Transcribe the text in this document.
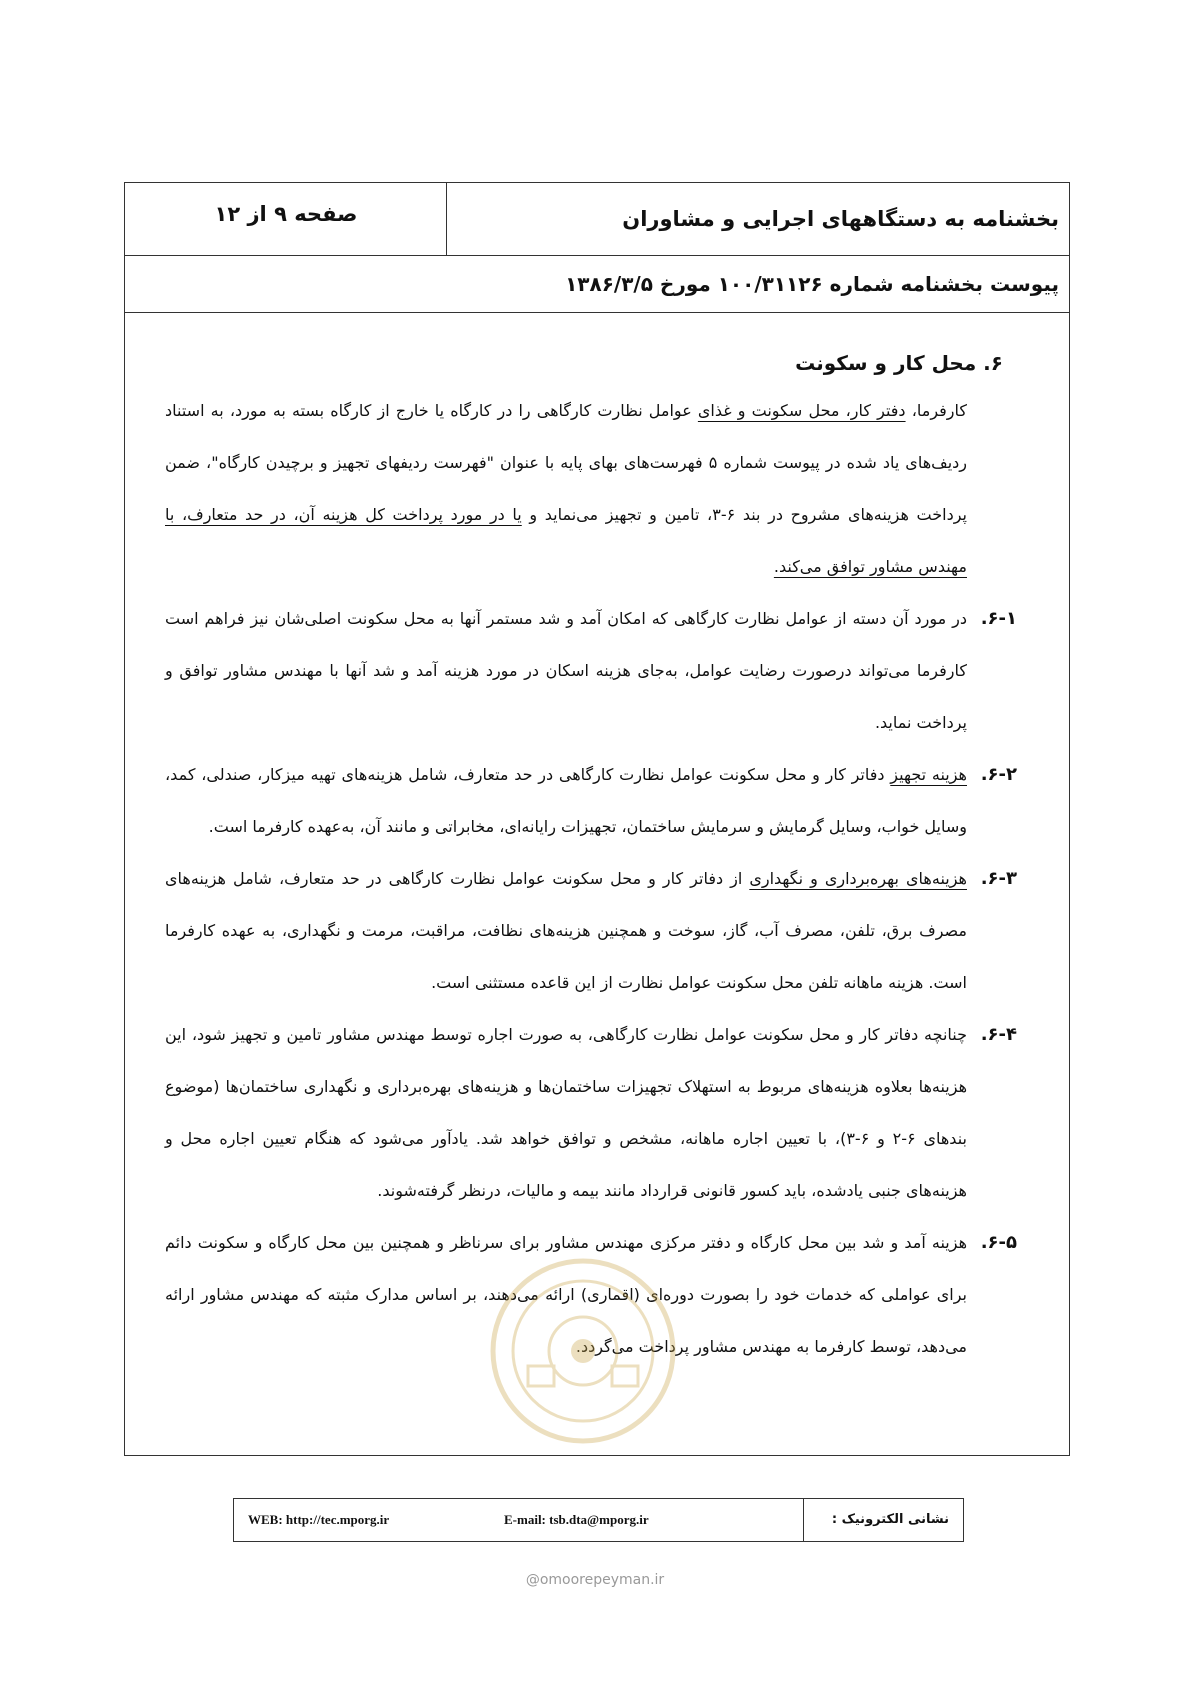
بخشنامه به دستگاههای اجرایی و مشاوران
صفحه ۹ از ۱۲
پیوست بخشنامه شماره ۱۰۰/۳۱۱۲۶ مورخ ۱۳۸۶/۳/۵
۶. محل کار و سکونت

کارفرما، دفتر کار، محل سکونت و غذای عوامل نظارت کارگاهی را در کارگاه یا خارج از کارگاه بسته به مورد، به استناد ردیف‌های یاد شده در پیوست شماره ۵ فهرست‌های بهای پایه با عنوان "فهرست ردیفهای تجهیز و برچیدن کارگاه"، ضمن پرداخت هزینه‌های مشروح در بند ۶-۳، تامین و تجهیز می‌نماید و یا در مورد پرداخت کل هزینه آن، در حد متعارف، با مهندس مشاور توافق می‌کند.

۶-۱.
در مورد آن دسته از عوامل نظارت کارگاهی که امکان آمد و شد مستمر آنها به محل سکونت اصلی‌شان نیز فراهم است کارفرما می‌تواند درصورت رضایت عوامل، به‌جای هزینه اسکان در مورد هزینه آمد و شد آنها با مهندس مشاور توافق و پرداخت نماید.

۶-۲.
هزینه تجهیز دفاتر کار و محل سکونت عوامل نظارت کارگاهی در حد متعارف، شامل هزینه‌های تهیه میزکار، صندلی، کمد، وسایل خواب، وسایل گرمایش و سرمایش ساختمان، تجهیزات رایانه‌ای، مخابراتی و مانند آن، به‌عهده کارفرما است.

۶-۳.
هزینه‌های بهره‌برداری و نگهداری از دفاتر کار و محل سکونت عوامل نظارت کارگاهی در حد متعارف، شامل هزینه‌های مصرف برق، تلفن، مصرف آب، گاز، سوخت و همچنین هزینه‌های نظافت، مراقبت، مرمت و نگهداری، به عهده کارفرما است. هزینه ماهانه تلفن محل سکونت عوامل نظارت از این قاعده مستثنی است.

۶-۴.
چنانچه دفاتر کار و محل سکونت عوامل نظارت کارگاهی، به صورت اجاره توسط مهندس مشاور تامین و تجهیز شود، این هزینه‌ها بعلاوه هزینه‌های مربوط به استهلاک تجهیزات ساختمان‌ها و هزینه‌های بهره‌برداری و نگهداری ساختمان‌ها (موضوع بندهای ۶-۲ و ۶-۳)، با تعیین اجاره ماهانه، مشخص و توافق خواهد شد. یادآور می‌شود که هنگام تعیین اجاره محل و هزینه‌های جنبی یادشده، باید کسور قانونی قرارداد مانند بیمه و مالیات، درنظر گرفته‌شوند.

۶-۵.
هزینه آمد و شد بین محل کارگاه و دفتر مرکزی مهندس مشاور برای سرناظر و همچنین بین محل کارگاه و سکونت دائم برای عواملی که خدمات خود را بصورت دوره‌ای (اقماری) ارائه می‌دهند، بر اساس مدارک مثبته که مهندس مشاور ارائه می‌دهد، توسط کارفرما به مهندس مشاور پرداخت می‌گردد.

نشانی الکترونیک :
E-mail: tsb.dta@mporg.ir
WEB: http://tec.mporg.ir
@omoorepeyman.ir
